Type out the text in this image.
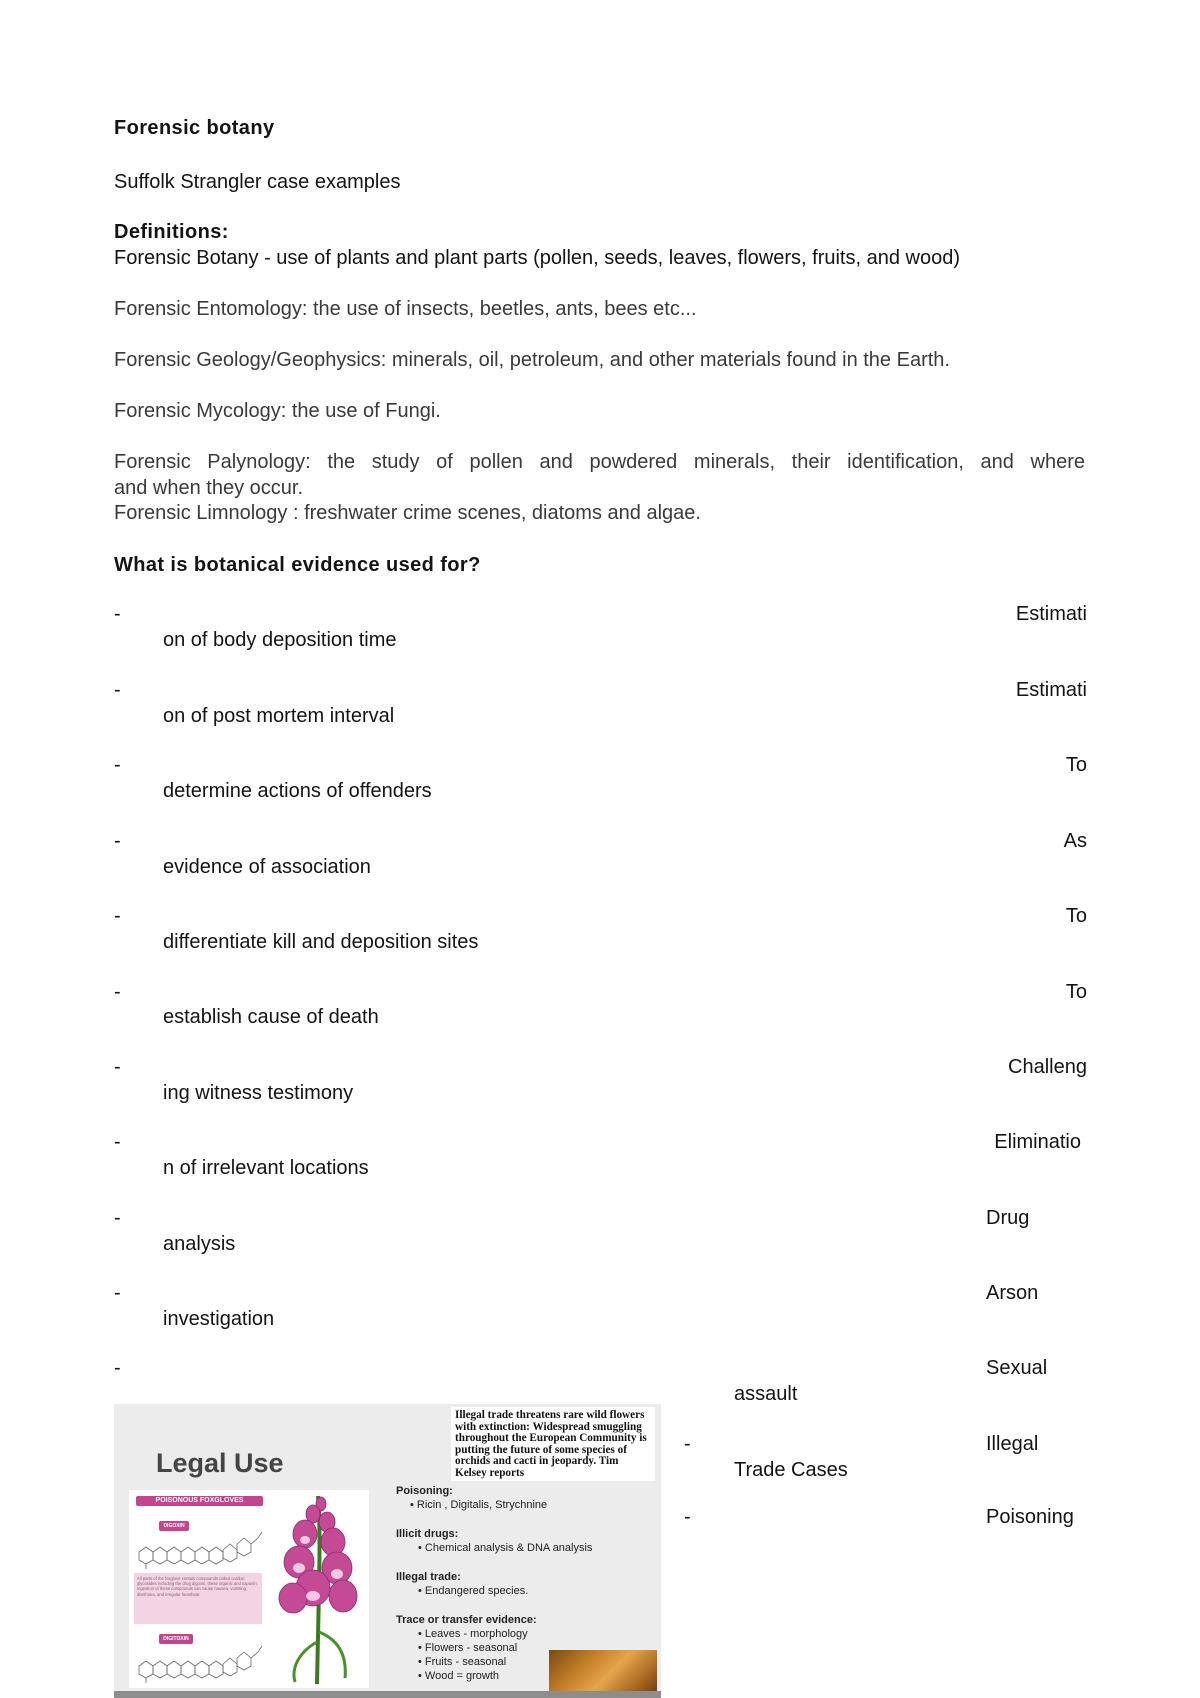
Forensic botany
Suffolk Strangler case examples
Definitions:
Forensic Botany - use of plants and plant parts (pollen, seeds, leaves, flowers, fruits, and wood)
Forensic Entomology: the use of insects, beetles, ants, bees etc...
Forensic Geology/Geophysics: minerals, oil, petroleum, and other materials found in the Earth.
Forensic Mycology: the use of Fungi.
Forensic Palynology: the study of pollen and powdered minerals, their identification, and where
and when they occur.
Forensic Limnology : freshwater crime scenes, diatoms and algae.
What is botanical evidence used for?
-	Estimati
on of body deposition time
-	Estimati
on of post mortem interval
-	To
determine actions of offenders
-	As
evidence of association
-	To
differentiate kill and deposition sites
-	To
establish cause of death
-	Challeng
ing witness testimony
-	Eliminatio
n of irrelevant locations
-	Drug
analysis
-	Arson
investigation
-	Sexual
assault
-	Illegal
Trade Cases
-	Poisoning
Legal Use
Illegal trade threatens rare wild flowers with extinction: Widespread smuggling throughout the European Community is putting the future of some species of orchids and cacti in jeopardy. Tim Kelsey reports
POISONOUS FOXGLOVES
DIGOXIN
All parts of the foxglove contain compounds called cardiac glycosides including the drug digoxin, these organic and saponin. Ingestion of these compounds can cause nausea, vomiting, diarrhoea, and irregular heartbeat.
DIGITOXIN
Poisoning:
• Ricin , Digitalis, Strychnine
Illicit drugs:
• Chemical analysis & DNA analysis
Illegal trade:
• Endangered species.
Trace or transfer evidence:
• Leaves - morphology
• Flowers - seasonal
• Fruits - seasonal
• Wood = growth
